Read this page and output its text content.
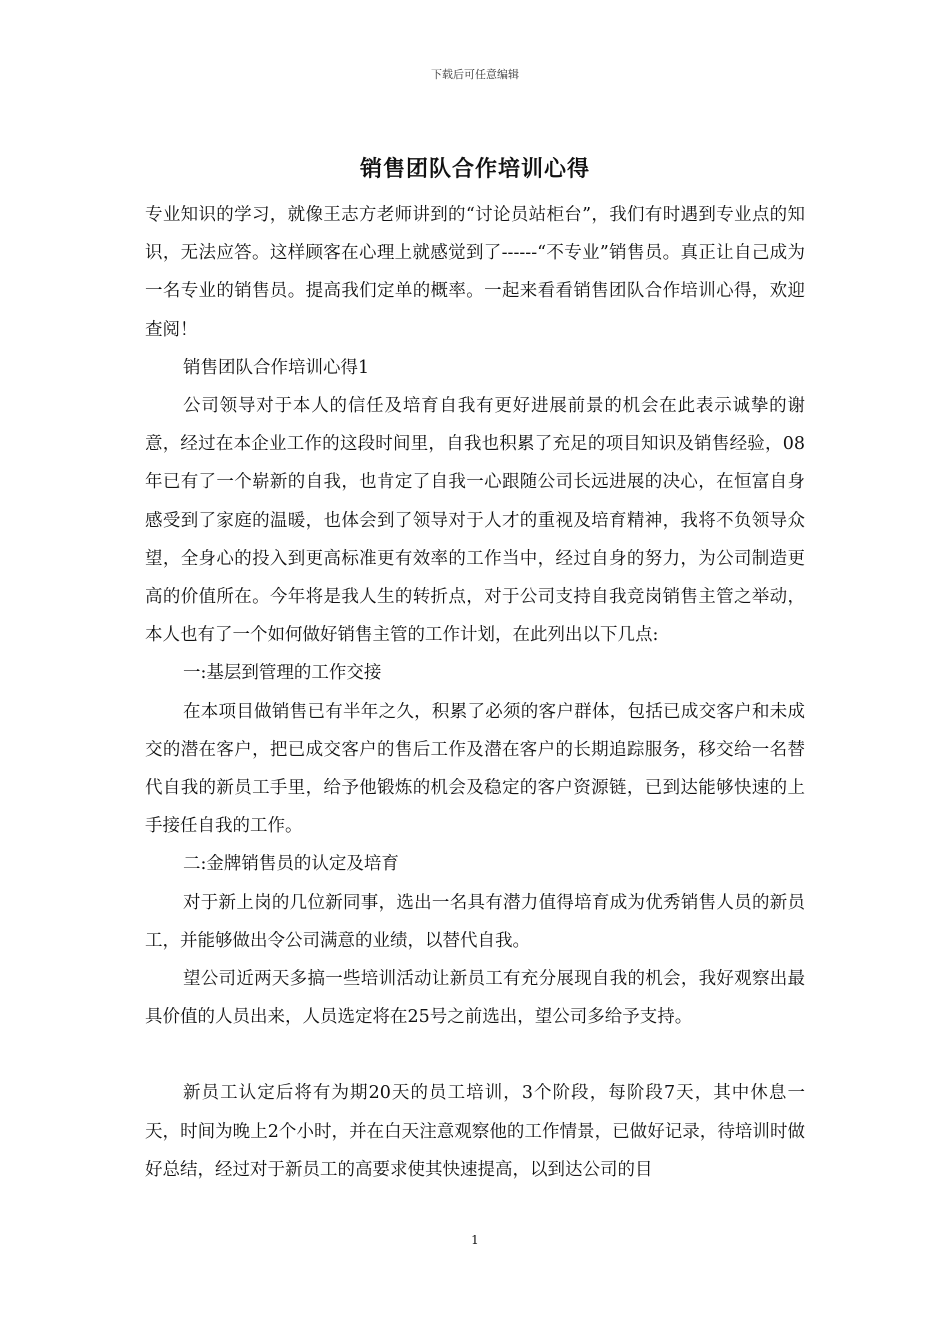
下载后可任意编辑
销售团队合作培训心得

专业知识的学习，就像王志方老师讲到的“讨论员站柜台”，我们有时遇到专业点的知识，无法应答。这样顾客在心理上就感觉到了------“不专业”销售员。真正让自己成为一名专业的销售员。提高我们定单的概率。一起来看看销售团队合作培训心得，欢迎查阅！

销售团队合作培训心得1

公司领导对于本人的信任及培育自我有更好进展前景的机会在此表示诚挚的谢意，经过在本企业工作的这段时间里，自我也积累了充足的项目知识及销售经验，08年已有了一个崭新的自我，也肯定了自我一心跟随公司长远进展的决心，在恒富自身感受到了家庭的温暖，也体会到了领导对于人才的重视及培育精神，我将不负领导众望，全身心的投入到更高标准更有效率的工作当中，经过自身的努力，为公司制造更高的价值所在。今年将是我人生的转折点，对于公司支持自我竞岗销售主管之举动，本人也有了一个如何做好销售主管的工作计划，在此列出以下几点:

一:基层到管理的工作交接

在本项目做销售已有半年之久，积累了必须的客户群体，包括已成交客户和未成交的潜在客户，把已成交客户的售后工作及潜在客户的长期追踪服务，移交给一名替代自我的新员工手里，给予他锻炼的机会及稳定的客户资源链，已到达能够快速的上手接任自我的工作。

二:金牌销售员的认定及培育

对于新上岗的几位新同事，选出一名具有潜力值得培育成为优秀销售人员的新员工，并能够做出令公司满意的业绩，以替代自我。

望公司近两天多搞一些培训活动让新员工有充分展现自我的机会，我好观察出最具价值的人员出来，人员选定将在25号之前选出，望公司多给予支持。

新员工认定后将有为期20天的员工培训，3个阶段，每阶段7天，其中休息一天，时间为晚上2个小时，并在白天注意观察他的工作情景，已做好记录，待培训时做好总结，经过对于新员工的高要求使其快速提高，以到达公司的目

1
